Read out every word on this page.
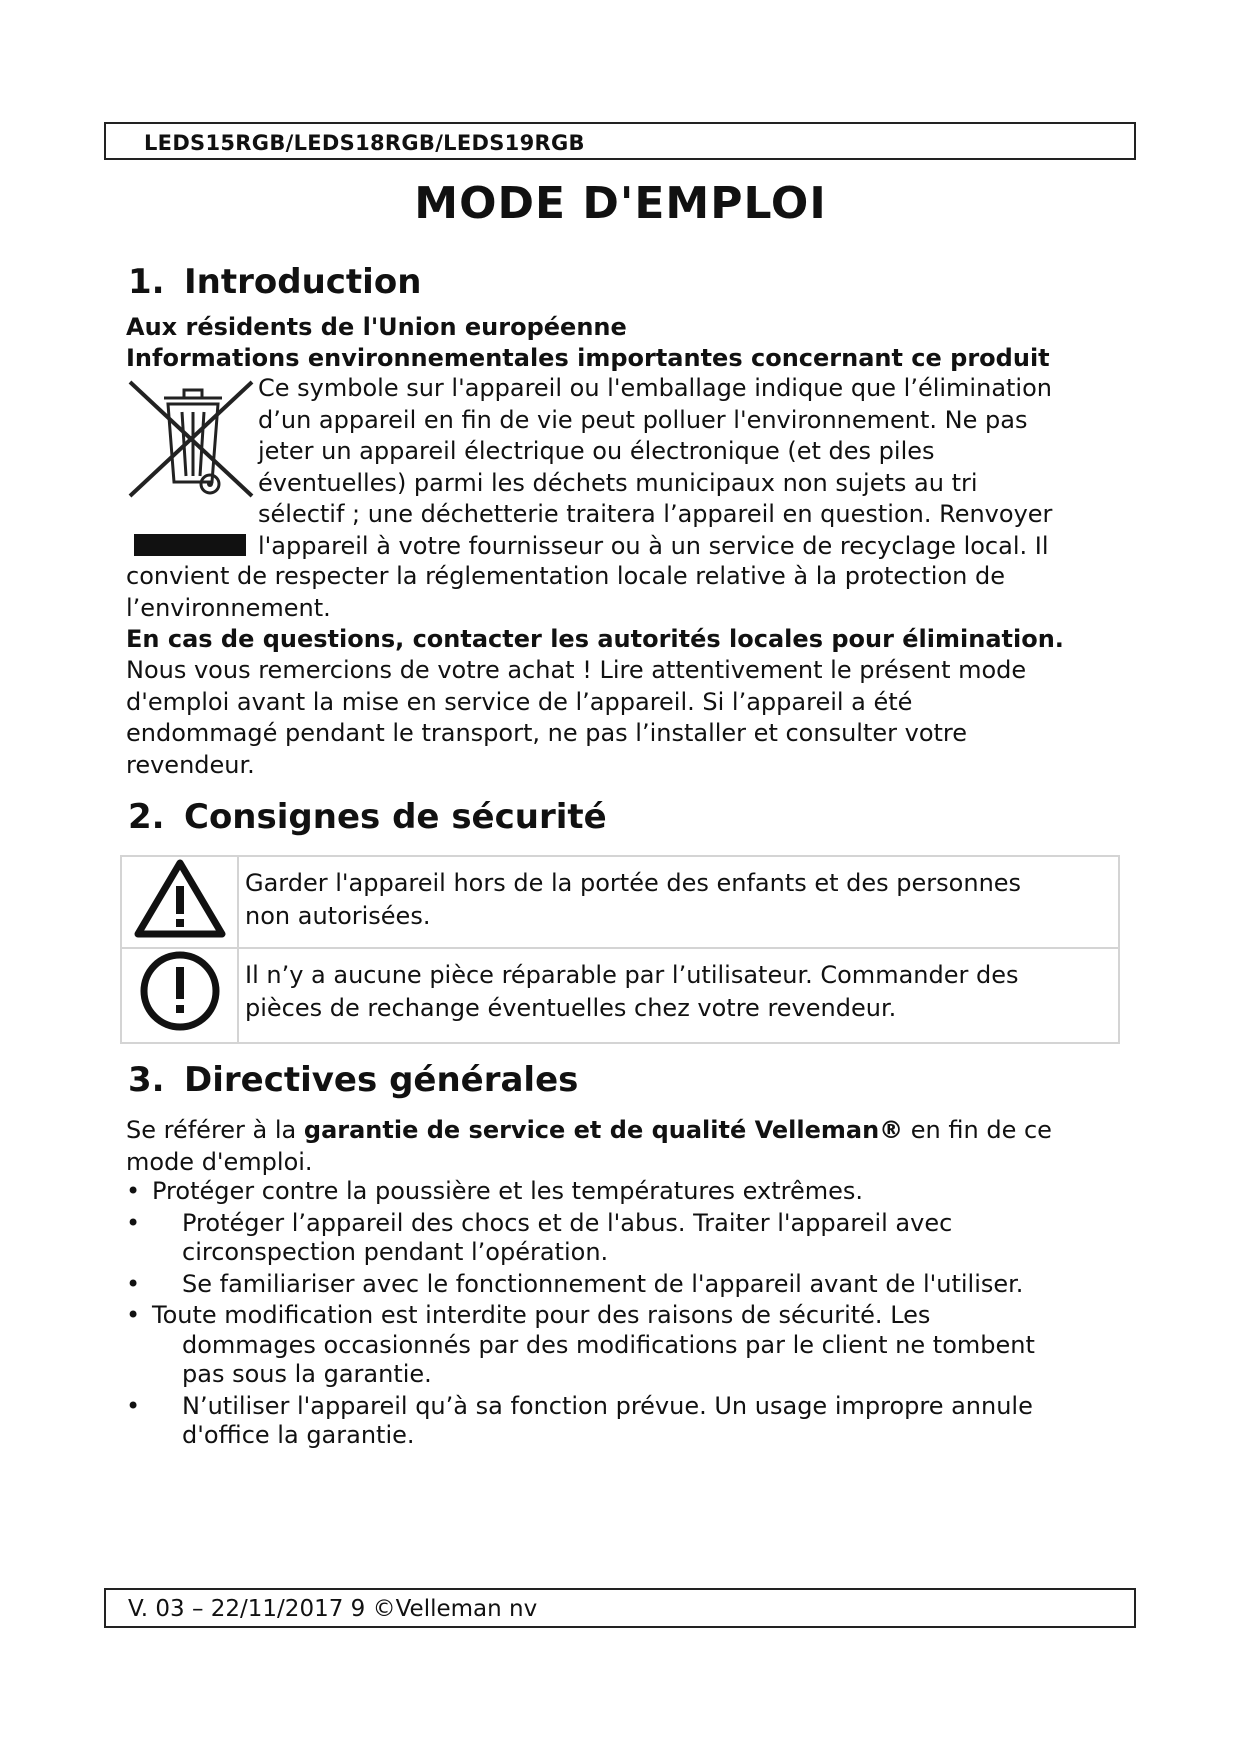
LEDS15RGB/LEDS18RGB/LEDS19RGB
MODE D'EMPLOI
1. Introduction

Aux résidents de l'Union européenne

Informations environnementales importantes concernant ce produit

Ce symbole sur l'appareil ou l'emballage indique que l’élimination
d’un appareil en fin de vie peut polluer l'environnement. Ne pas
jeter un appareil électrique ou électronique (et des piles
éventuelles) parmi les déchets municipaux non sujets au tri
sélectif ; une déchetterie traitera l’appareil en question. Renvoyer
l'appareil à votre fournisseur ou à un service de recyclage local. Il
convient de respecter la réglementation locale relative à la protection de
l’environnement.

En cas de questions, contacter les autorités locales pour élimination.

Nous vous remercions de votre achat ! Lire attentivement le présent mode
d'emploi avant la mise en service de l’appareil. Si l’appareil a été
endommagé pendant le transport, ne pas l’installer et consulter votre
revendeur.
2. Consignes de sécurité

Garder l'appareil hors de la portée des enfants et des personnes
non autorisées.

Il n’y a aucune pièce réparable par l’utilisateur. Commander des
pièces de rechange éventuelles chez votre revendeur.
3. Directives générales
Se référer à la garantie de service et de qualité Velleman® en fin de ce
mode d'emploi.
• Protéger contre la poussière et les températures extrêmes.
• Protéger l’appareil des chocs et de l'abus. Traiter l'appareil avec
circonspection pendant l’opération.
• Se familiariser avec le fonctionnement de l'appareil avant de l'utiliser.
• Toute modification est interdite pour des raisons de sécurité. Les
dommages occasionnés par des modifications par le client ne tombent
pas sous la garantie.
• N’utiliser l'appareil qu’à sa fonction prévue. Un usage impropre annule
d'office la garantie.
V. 03 – 22/11/2017 9 ©Velleman nv
